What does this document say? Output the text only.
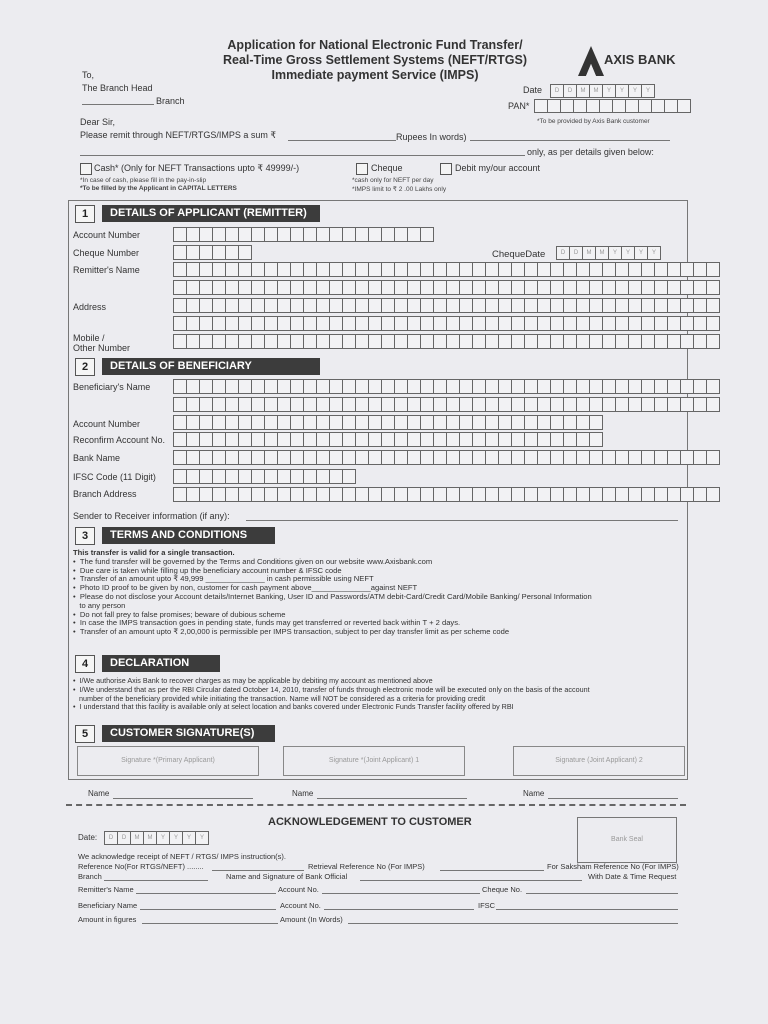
Application for National Electronic Fund Transfer/
Real-Time Gross Settlement Systems (NEFT/RTGS)
Immediate payment Service (IMPS)
AXIS BANK
To,
The Branch Head
Branch
Date	D	D	M	M	Y	Y	Y	Y
PAN*
*To be provided by Axis Bank customer
Dear Sir,
Please remit through NEFT/RTGS/IMPS a sum ₹	Rupees In words)
only, as per details given below:
Cash* (Only for NEFT Transactions upto ₹ 49999/-)
*In case of cash, please fill in the pay-in-slip
*To be filled by the Applicant in CAPITAL LETTERS
Cheque	Debit my/our account
*cash only for NEFT per day
*IMPS limit to ₹ 2 .00 Lakhs only
1	DETAILS OF APPLICANT (REMITTER)
Account Number
Cheque Number	ChequeDate	D	D	M	M	Y	Y	Y	Y
Remitter's Name
Address
Mobile /
Other Number
2	DETAILS OF BENEFICIARY
Beneficiary's Name
Account Number
Reconfirm Account No.
Bank Name
IFSC Code (11 Digit)
Branch Address
Sender to Receiver information (if any):
3	TERMS AND CONDITIONS
This transfer is valid for a single transaction.
•  The fund transfer will be governed by the Terms and Conditions given on our website www.Axisbank.com
•  Due care is taken while filling up the beneficiary account number & IFSC code
•  Transfer of an amount upto ₹ 49,999 ______________ in cash permissible using NEFT
•  Photo ID proof to be given by non, customer for cash payment above______________against NEFT
•  Please do not disclose your Account details/Internet Banking, User ID and Passwords/ATM debit-Card/Credit Card/Mobile Banking/ Personal Information
to any person
•  Do not fall prey to false promises; beware of dubious scheme
•  In case the IMPS transaction goes in pending state, funds may get transferred or reverted back within T + 2 days.
•  Transfer of an amount upto ₹ 2,00,000 is permissible per IMPS transaction, subject to per day transfer limit as per scheme code
4	DECLARATION
•  I/We authorise Axis Bank to recover charges as may be applicable by debiting my account as mentioned above
•  I/We understand that as per the RBI Circular dated October 14, 2010, transfer of funds through electronic mode will be executed only on the basis of the account
number of the beneficiary provided while initiating the transaction. Name will NOT be considered as a criteria for providing credit
•  I understand that this facility is available only at select location and banks covered under Electronic Funds Transfer facility offered by RBI
5	CUSTOMER SIGNATURE(S)
Signature *(Primary Applicant)	Signature *(Joint Applicant) 1	Signature (Joint Applicant) 2
Name	Name	Name
ACKNOWLEDGEMENT TO CUSTOMER
Date:	D	D	M	M	Y	Y	Y	Y	Bank Seal
We acknowledge receipt of NEFT / RTGS/ IMPS instruction(s).
Reference No(For RTGS/NEFT) ........	Retrieval Reference No (For IMPS)	For Saksham Reference No (For IMPS)
Branch	Name and Signature of Bank Official	With Date & Time Request
Remitter's Name	Account No.	Cheque No.
Beneficiary Name	Account No.	IFSC
Amount in figures	Amount (In Words)
